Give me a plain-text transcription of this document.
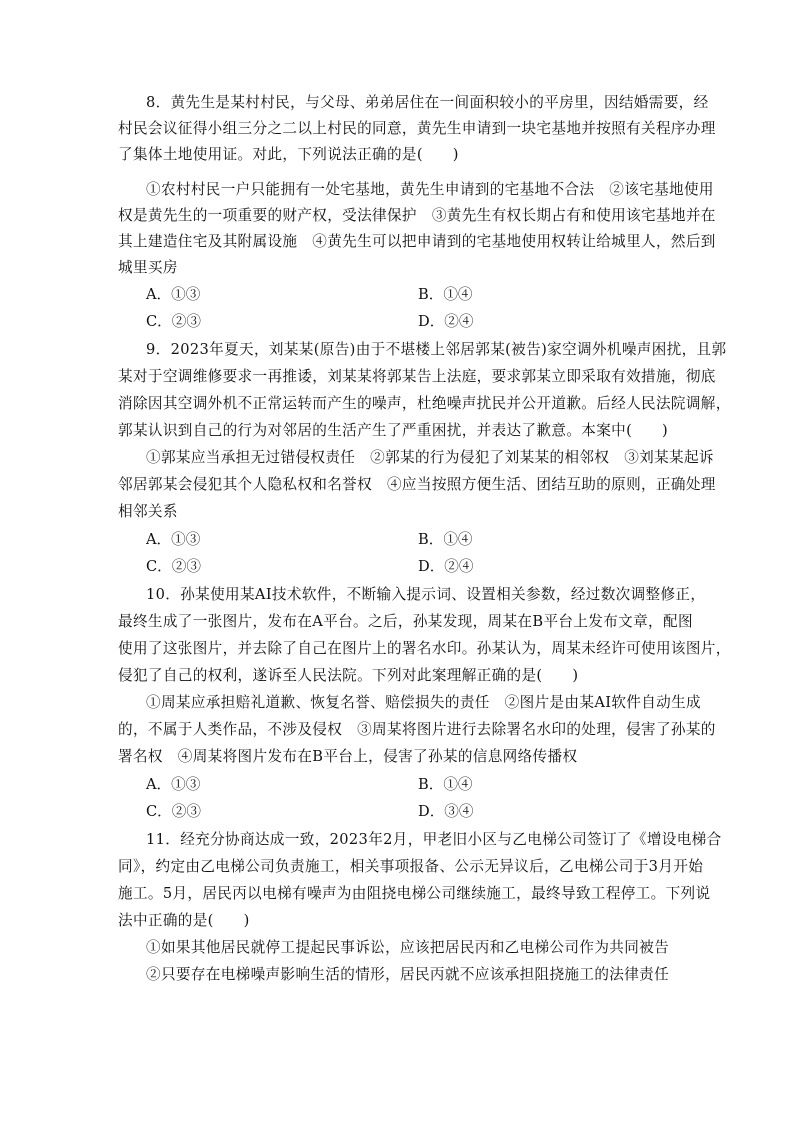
8．黄先生是某村村民，与父母、弟弟居住在一间面积较小的平房里，因结婚需要，经
村民会议征得小组三分之二以上村民的同意，黄先生申请到一块宅基地并按照有关程序办理
了集体土地使用证。对此，下列说法正确的是(　　)
①农村村民一户只能拥有一处宅基地，黄先生申请到的宅基地不合法　②该宅基地使用
权是黄先生的一项重要的财产权，受法律保护　③黄先生有权长期占有和使用该宅基地并在
其上建造住宅及其附属设施　④黄先生可以把申请到的宅基地使用权转让给城里人，然后到
城里买房
A．①③	B．①④
C．②③	D．②④
9．2023年夏天，刘某某(原告)由于不堪楼上邻居郭某(被告)家空调外机噪声困扰，且郭
某对于空调维修要求一再推诿，刘某某将郭某告上法庭，要求郭某立即采取有效措施，彻底
消除因其空调外机不正常运转而产生的噪声，杜绝噪声扰民并公开道歉。后经人民法院调解，
郭某认识到自己的行为对邻居的生活产生了严重困扰，并表达了歉意。本案中(　　)
①郭某应当承担无过错侵权责任　②郭某的行为侵犯了刘某某的相邻权　③刘某某起诉
邻居郭某会侵犯其个人隐私权和名誉权　④应当按照方便生活、团结互助的原则，正确处理
相邻关系
A．①③	B．①④
C．②③	D．②④
10．孙某使用某AI技术软件，不断输入提示词、设置相关参数，经过数次调整修正，
最终生成了一张图片，发布在A平台。之后，孙某发现，周某在B平台上发布文章，配图
使用了这张图片，并去除了自己在图片上的署名水印。孙某认为，周某未经许可使用该图片，
侵犯了自己的权利，遂诉至人民法院。下列对此案理解正确的是(　　)
①周某应承担赔礼道歉、恢复名誉、赔偿损失的责任　②图片是由某AI软件自动生成
的，不属于人类作品，不涉及侵权　③周某将图片进行去除署名水印的处理，侵害了孙某的
署名权　④周某将图片发布在B平台上，侵害了孙某的信息网络传播权
A．①③	B．①④
C．②③	D．③④
11．经充分协商达成一致，2023年2月，甲老旧小区与乙电梯公司签订了《增设电梯合
同》，约定由乙电梯公司负责施工，相关事项报备、公示无异议后，乙电梯公司于3月开始
施工。5月，居民丙以电梯有噪声为由阻挠电梯公司继续施工，最终导致工程停工。下列说
法中正确的是(　　)
①如果其他居民就停工提起民事诉讼，应该把居民丙和乙电梯公司作为共同被告
②只要存在电梯噪声影响生活的情形，居民丙就不应该承担阻挠施工的法律责任
